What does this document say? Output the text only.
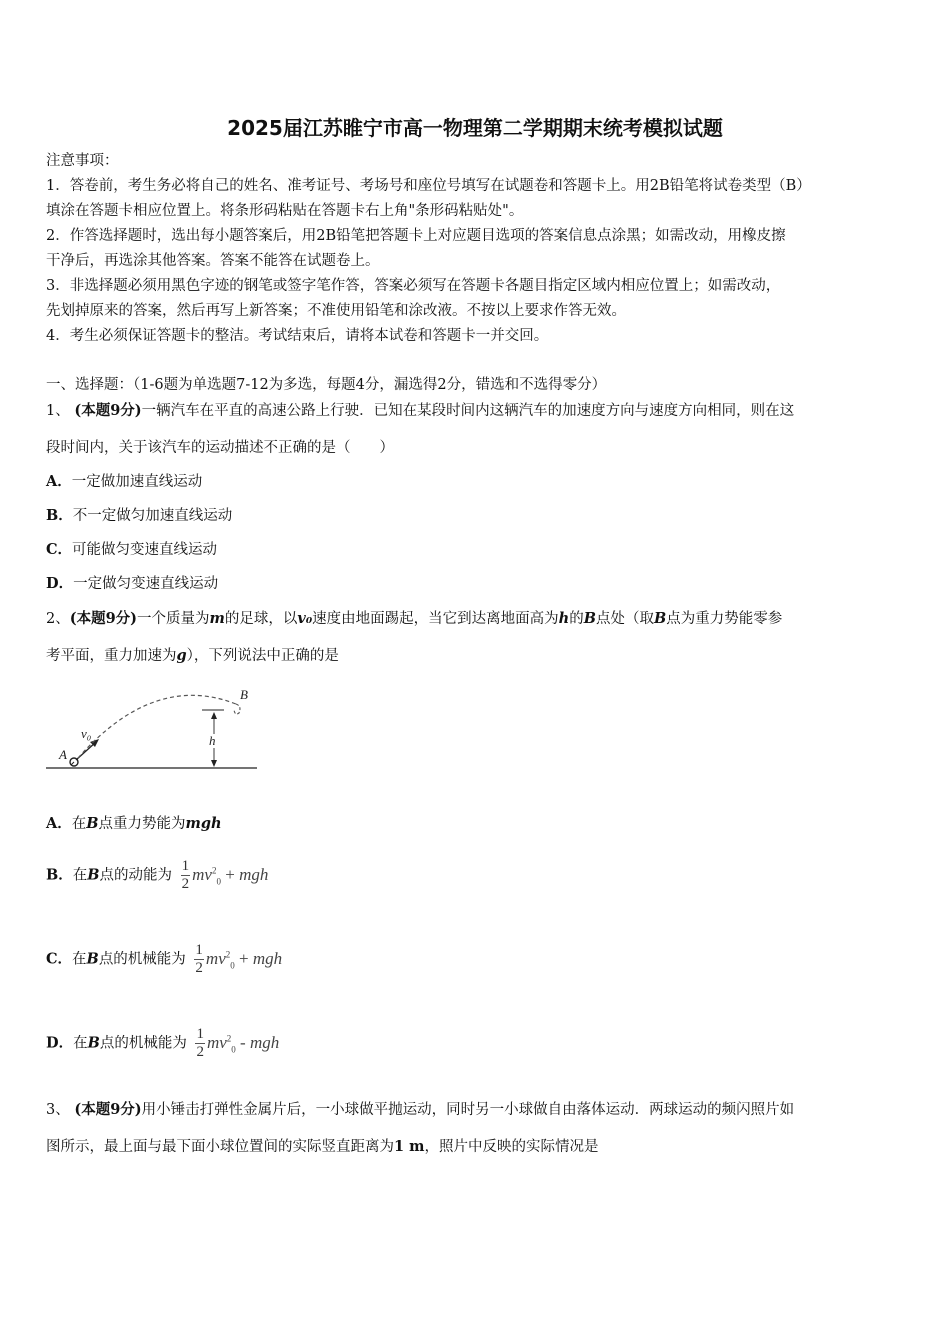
2025届江苏睢宁市高一物理第二学期期末统考模拟试题
注意事项：
1．答卷前，考生务必将自己的姓名、准考证号、考场号和座位号填写在试题卷和答题卡上。用2B铅笔将试卷类型（B）
填涂在答题卡相应位置上。将条形码粘贴在答题卡右上角"条形码粘贴处"。
2．作答选择题时，选出每小题答案后，用2B铅笔把答题卡上对应题目选项的答案信息点涂黑；如需改动，用橡皮擦
干净后，再选涂其他答案。答案不能答在试题卷上。
3．非选择题必须用黑色字迹的钢笔或签字笔作答，答案必须写在答题卡各题目指定区域内相应位置上；如需改动，
先划掉原来的答案，然后再写上新答案；不准使用铅笔和涂改液。不按以上要求作答无效。
4．考生必须保证答题卡的整洁。考试结束后，请将本试卷和答题卡一并交回。
一、选择题：（1-6题为单选题7-12为多选，每题4分，漏选得2分，错选和不选得零分）
1、 (本题9分)一辆汽车在平直的高速公路上行驶．已知在某段时间内这辆汽车的加速度方向与速度方向相同，则在这
段时间内，关于该汽车的运动描述不正确的是（　　）
A．一定做加速直线运动
B．不一定做匀加速直线运动
C．可能做匀变速直线运动
D．一定做匀变速直线运动
2、(本题9分)一个质量为m的足球，以v₀速度由地面踢起，当它到达离地面高为h的B点处（取B点为重力势能零参
考平面，重力加速为g），下列说法中正确的是
h
B
A
v₀
A．在B点重力势能为mgh
B．在B点的动能为 $\frac{1}{2} mv^2_0$ + mgh
C．在B点的机械能为 $\frac{1}{2} mv^2_0$ + mgh
D．在B点的机械能为 $\frac{1}{2} mv^2_0$ - mgh
3、 (本题9分)用小锤击打弹性金属片后，一小球做平抛运动，同时另一小球做自由落体运动．两球运动的频闪照片如
图所示，最上面与最下面小球位置间的实际竖直距离为1 m，照片中反映的实际情况是
